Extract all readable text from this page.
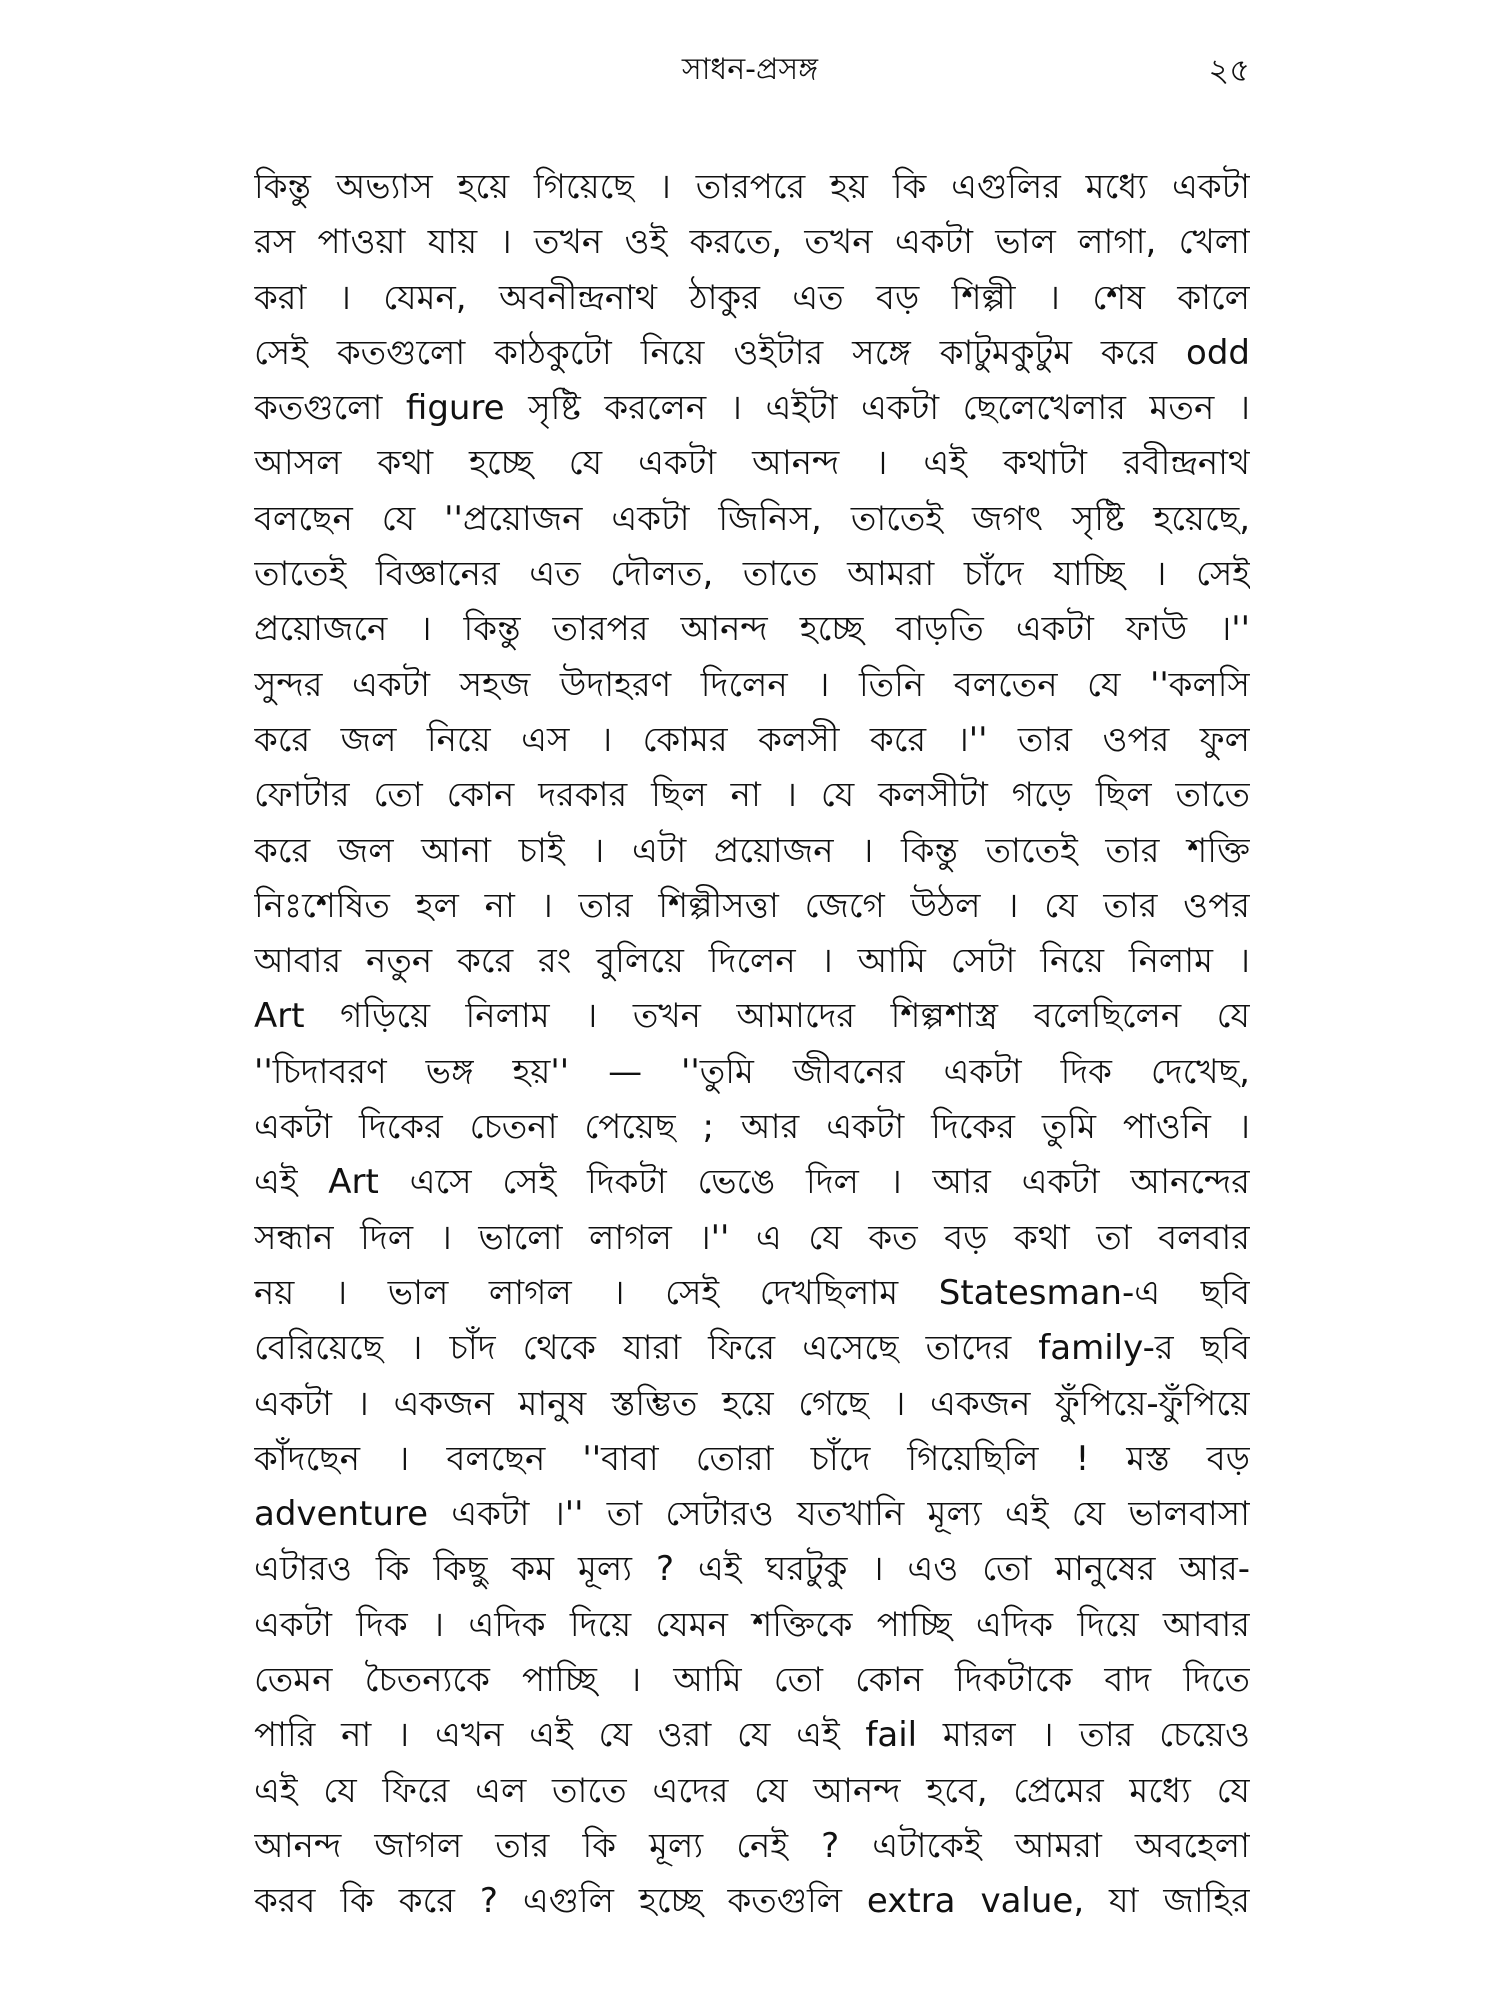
সাধন-প্রসঙ্গ	২৫
কিন্তু অভ্যাস হয়ে গিয়েছে । তারপরে হয় কি এগুলির মধ্যে একটা
রস পাওয়া যায় । তখন ওই করতে, তখন একটা ভাল লাগা, খেলা
করা । যেমন, অবনীন্দ্রনাথ ঠাকুর এত বড় শিল্পী । শেষ কালে
সেই কতগুলো কাঠকুটো নিয়ে ওইটার সঙ্গে কাটুমকুটুম করে odd
কতগুলো figure সৃষ্টি করলেন । এইটা একটা ছেলেখেলার মতন ।
আসল কথা হচ্ছে যে একটা আনন্দ । এই কথাটা রবীন্দ্রনাথ
বলছেন যে ''প্রয়োজন একটা জিনিস, তাতেই জগৎ সৃষ্টি হয়েছে,
তাতেই বিজ্ঞানের এত দৌলত, তাতে আমরা চাঁদে যাচ্ছি । সেই
প্রয়োজনে । কিন্তু তারপর আনন্দ হচ্ছে বাড়তি একটা ফাউ ।''
সুন্দর একটা সহজ উদাহরণ দিলেন । তিনি বলতেন যে ''কলসি
করে জল নিয়ে এস । কোমর কলসী করে ।'' তার ওপর ফুল
ফোটার তো কোন দরকার ছিল না । যে কলসীটা গড়ে ছিল তাতে
করে জল আনা চাই । এটা প্রয়োজন । কিন্তু তাতেই তার শক্তি
নিঃশেষিত হল না । তার শিল্পীসত্তা জেগে উঠল । যে তার ওপর
আবার নতুন করে রং বুলিয়ে দিলেন । আমি সেটা নিয়ে নিলাম ।
Art গড়িয়ে নিলাম । তখন আমাদের শিল্পশাস্ত্র বলেছিলেন যে
''চিদাবরণ ভঙ্গ হয়'' — ''তুমি জীবনের একটা দিক দেখেছ,
একটা দিকের চেতনা পেয়েছ ; আর একটা দিকের তুমি পাওনি ।
এই Art এসে সেই দিকটা ভেঙে দিল । আর একটা আনন্দের
সন্ধান দিল । ভালো লাগল ।'' এ যে কত বড় কথা তা বলবার
নয় । ভাল লাগল । সেই দেখছিলাম Statesman-এ ছবি
বেরিয়েছে । চাঁদ থেকে যারা ফিরে এসেছে তাদের family-র ছবি
একটা । একজন মানুষ স্তম্ভিত হয়ে গেছে । একজন ফুঁপিয়ে-ফুঁপিয়ে
কাঁদছেন । বলছেন ''বাবা তোরা চাঁদে গিয়েছিলি ! মস্ত বড়
adventure একটা ।'' তা সেটারও যতখানি মূল্য এই যে ভালবাসা
এটারও কি কিছু কম মূল্য ? এই ঘরটুকু । এও তো মানুষের আর-
একটা দিক । এদিক দিয়ে যেমন শক্তিকে পাচ্ছি এদিক দিয়ে আবার
তেমন চৈতন্যকে পাচ্ছি । আমি তো কোন দিকটাকে বাদ দিতে
পারি না । এখন এই যে ওরা যে এই fail মারল । তার চেয়েও
এই যে ফিরে এল তাতে এদের যে আনন্দ হবে, প্রেমের মধ্যে যে
আনন্দ জাগল তার কি মূল্য নেই ? এটাকেই আমরা অবহেলা
করব কি করে ? এগুলি হচ্ছে কতগুলি extra value, যা জাহির
